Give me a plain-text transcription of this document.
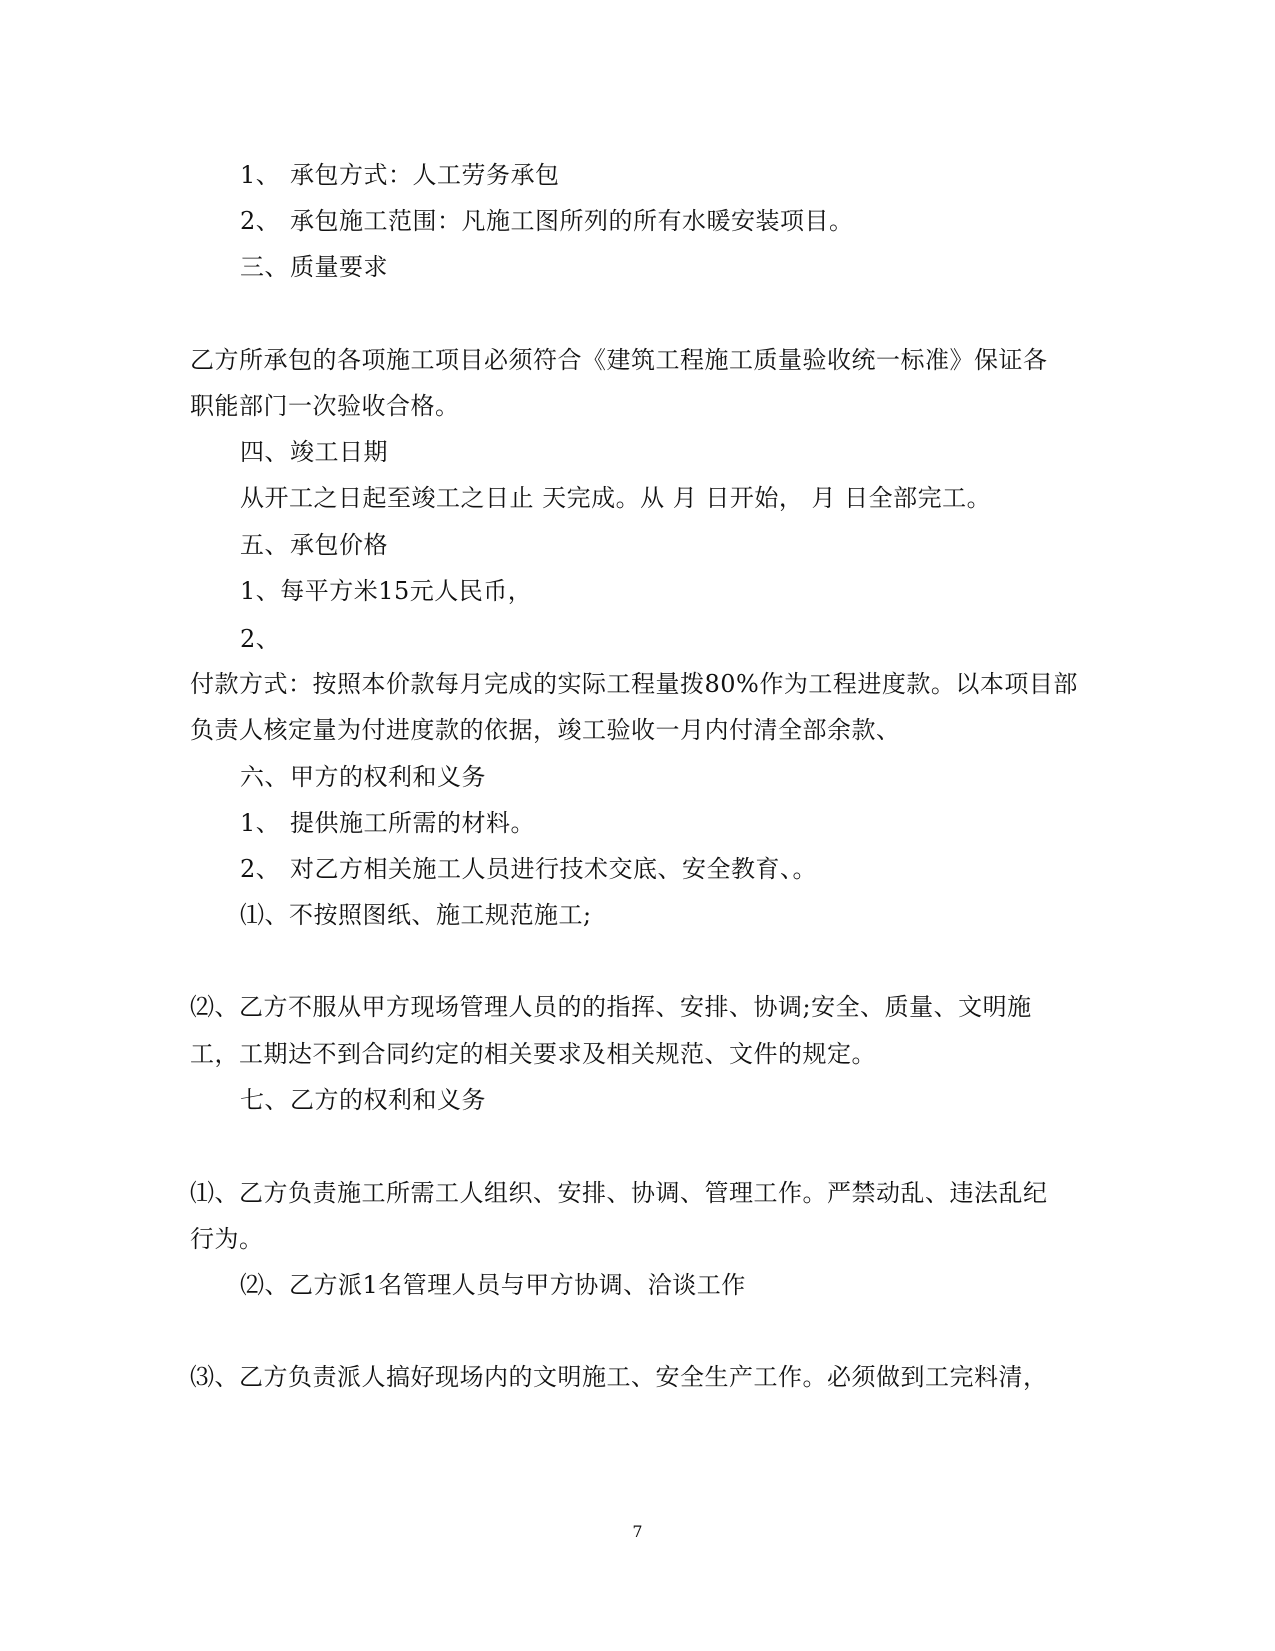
1、 承包方式：人工劳务承包
2、 承包施工范围：凡施工图所列的所有水暖安装项目。
三、质量要求
乙方所承包的各项施工项目必须符合《建筑工程施工质量验收统一标准》保证各
职能部门一次验收合格。
四、竣工日期
从开工之日起至竣工之日止 天完成。从 月 日开始， 月 日全部完工。
五、承包价格
1、每平方米15元人民币，
2、
付款方式：按照本价款每月完成的实际工程量拨80%作为工程进度款。以本项目部
负责人核定量为付进度款的依据，竣工验收一月内付清全部余款、
六、甲方的权利和义务
1、 提供施工所需的材料。
2、 对乙方相关施工人员进行技术交底、安全教育、。
⑴、不按照图纸、施工规范施工;
⑵、乙方不服从甲方现场管理人员的的指挥、安排、协调;安全、质量、文明施
工，工期达不到合同约定的相关要求及相关规范、文件的规定。
七、乙方的权利和义务
⑴、乙方负责施工所需工人组织、安排、协调、管理工作。严禁动乱、违法乱纪
行为。
⑵、乙方派1名管理人员与甲方协调、洽谈工作
⑶、乙方负责派人搞好现场内的文明施工、安全生产工作。必须做到工完料清，
7
